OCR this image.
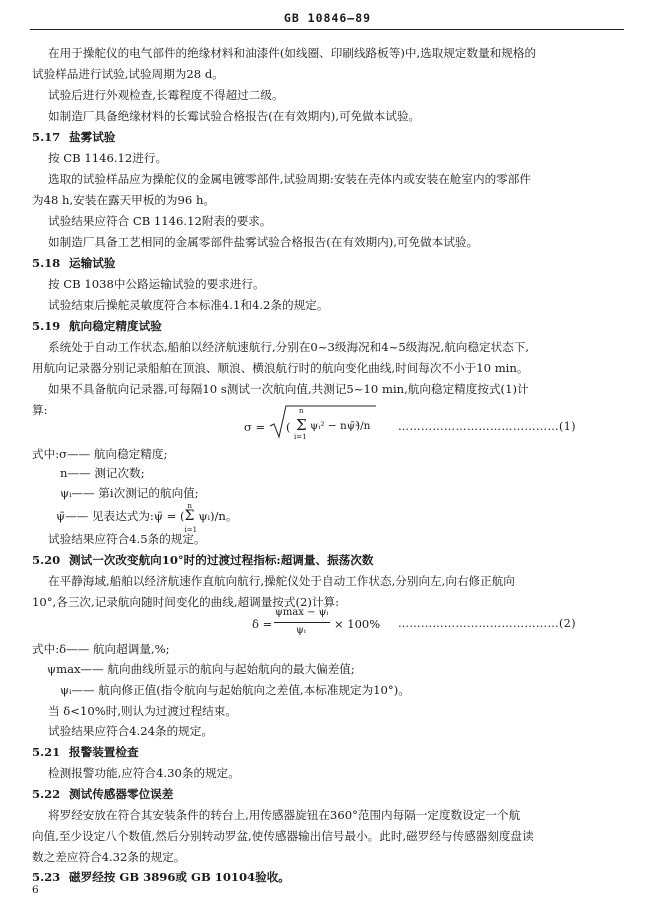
GB 10846—89
在用于操舵仪的电气部件的绝缘材料和油漆件(如线圈、印刷线路板等)中,选取规定数量和规格的
试验样品进行试验,试验周期为28 d。
试验后进行外观检查,长霉程度不得超过二级。
如制造厂具备绝缘材料的长霉试验合格报告(在有效期内),可免做本试验。
5.17 盐雾试验
按 CB 1146.12进行。
选取的试验样品应为操舵仪的金属电镀零部件,试验周期:安装在壳体内或安装在舱室内的零部件
为48 h,安装在露天甲板的为96 h。
试验结果应符合 CB 1146.12附表的要求。
如制造厂具备工艺相同的金属零部件盐雾试验合格报告(在有效期内),可免做本试验。
5.18 运输试验
按 CB 1038中公路运输试验的要求进行。
试验结束后操舵灵敏度符合本标准4.1和4.2条的规定。
5.19 航向稳定精度试验
系统处于自动工作状态,船舶以经济航速航行,分别在0~3级海况和4~5级海况,航向稳定状态下,
用航向记录器分别记录船舶在顶浪、顺浪、横浪航行时的航向变化曲线,时间每次不小于10 min。
如果不具备航向记录器,可每隔10 s测试一次航向值,共测记5~10 min,航向稳定精度按式(1)计
算:
σ = ( Σ
n
i=1
ψᵢ² − nψ̄²
)/n	……………………………………(1)
式中:σ—— 航向稳定精度;
n—— 测记次数;
ψᵢ—— 第i次测记的航向值;
ψ̄—— 见表达式为:ψ̄ = (
n
Σ
i=1
ψᵢ)/n。
试验结果应符合4.5条的规定。
5.20 测试一次改变航向10°时的过渡过程指标:超调量、振荡次数
在平静海域,船舶以经济航速作直航向航行,操舵仪处于自动工作状态,分别向左,向右修正航向
10°,各三次,记录航向随时间变化的曲线,超调量按式(2)计算:
δ =
ψmax − ψᵢ
ψᵢ × 100% ……………………………………(2)
式中:δ—— 航向超调量,%;
ψmax—— 航向曲线所显示的航向与起始航向的最大偏差值;
ψᵢ—— 航向修正值(指令航向与起始航向之差值,本标准规定为10°)。
当 δ<10%时,则认为过渡过程结束。
试验结果应符合4.24条的规定。
5.21 报警装置检查
检测报警功能,应符合4.30条的规定。
5.22 测试传感器零位误差
将罗经安放在符合其安装条件的转台上,用传感器旋钮在360°范围内每隔一定度数设定一个航
向值,至少设定八个数值,然后分别转动罗盆,使传感器输出信号最小。此时,磁罗经与传感器刻度盘读
数之差应符合4.32条的规定。
5.23 磁罗经按 GB 3896或 GB 10104验收。
6
